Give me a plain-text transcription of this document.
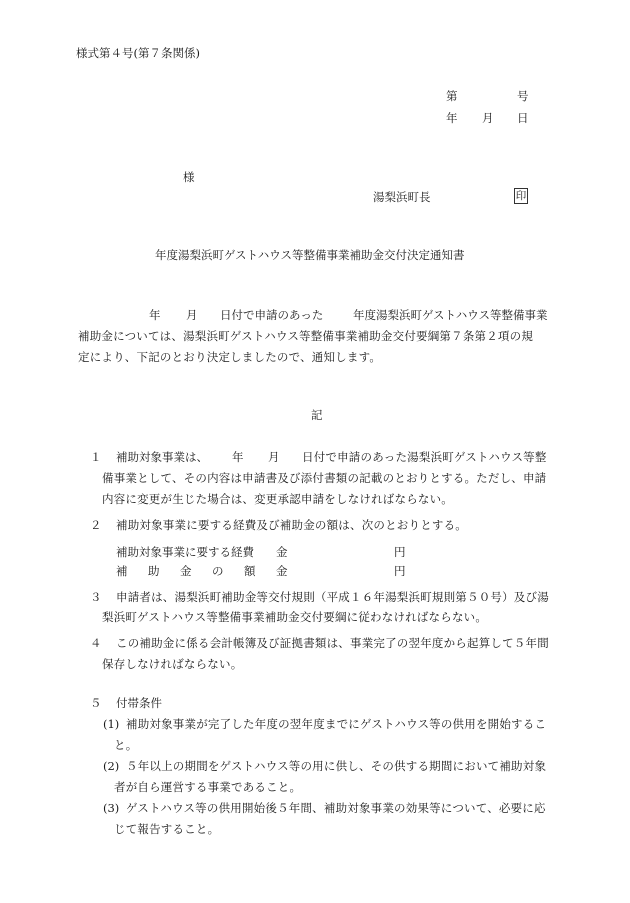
様式第４号(第７条関係)
第	号
年 月 日
様
湯梨浜町長	印
年度湯梨浜町ゲストハウス等整備事業補助金交付決定通知書
年 月 日付で申請のあった	年度湯梨浜町ゲストハウス等整備事業
補助金については、湯梨浜町ゲストハウス等整備事業補助金交付要綱第７条第２項の規
定により、下記のとおり決定しましたので、通知します。
記
１ 補助対象事業は、 年 月 日付で申請のあった湯梨浜町ゲストハウス等整
備事業として、その内容は申請書及び添付書類の記載のとおりとする。ただし、申請
内容に変更が生じた場合は、変更承認申請をしなければならない。
２ 補助対象事業に要する経費及び補助金の額は、次のとおりとする。
補助対象事業に要する経費 金	円
補 助 金 の 額 金	円
３ 申請者は、湯梨浜町補助金等交付規則（平成１６年湯梨浜町規則第５０号）及び湯
梨浜町ゲストハウス等整備事業補助金交付要綱に従わなければならない。
４ この補助金に係る会計帳簿及び証拠書類は、事業完了の翌年度から起算して５年間
保存しなければならない。
５ 付帯条件
(1) 補助対象事業が完了した年度の翌年度までにゲストハウス等の供用を開始するこ
と。
(2) ５年以上の期間をゲストハウス等の用に供し、その供する期間において補助対象
者が自ら運営する事業であること。
(3) ゲストハウス等の供用開始後５年間、補助対象事業の効果等について、必要に応
じて報告すること。
